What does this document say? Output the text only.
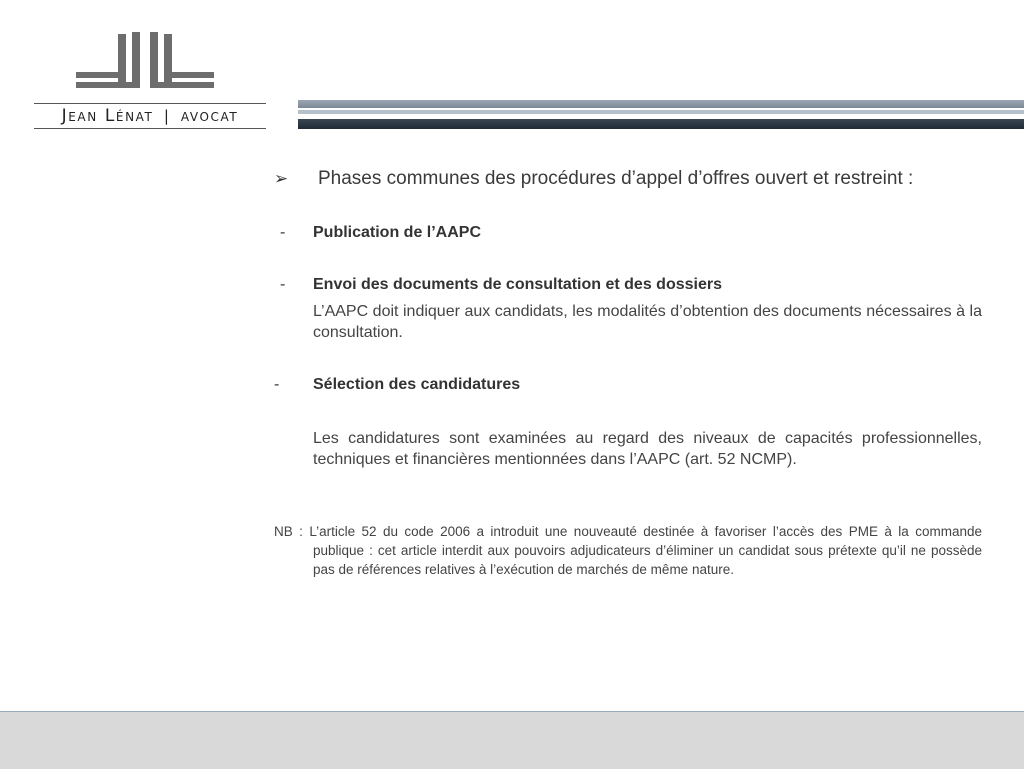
Jean Lénat | avocat
➢ Phases communes des procédures d’appel d’offres ouvert et restreint :
- Publication de l’AAPC
- Envoi des documents de consultation et des dossiers
L’AAPC doit indiquer aux candidats, les modalités d’obtention des documents nécessaires à la consultation.
- Sélection des candidatures
Les candidatures sont examinées au regard des niveaux de capacités professionnelles, techniques et financières mentionnées dans l’AAPC (art. 52 NCMP).
NB : L’article 52 du code 2006 a introduit une nouveauté destinée à favoriser l’accès des PME à la commande publique : cet article interdit aux pouvoirs adjudicateurs d’éliminer un candidat sous prétexte qu’il ne possède pas de références relatives à l’exécution de marchés de même nature.
